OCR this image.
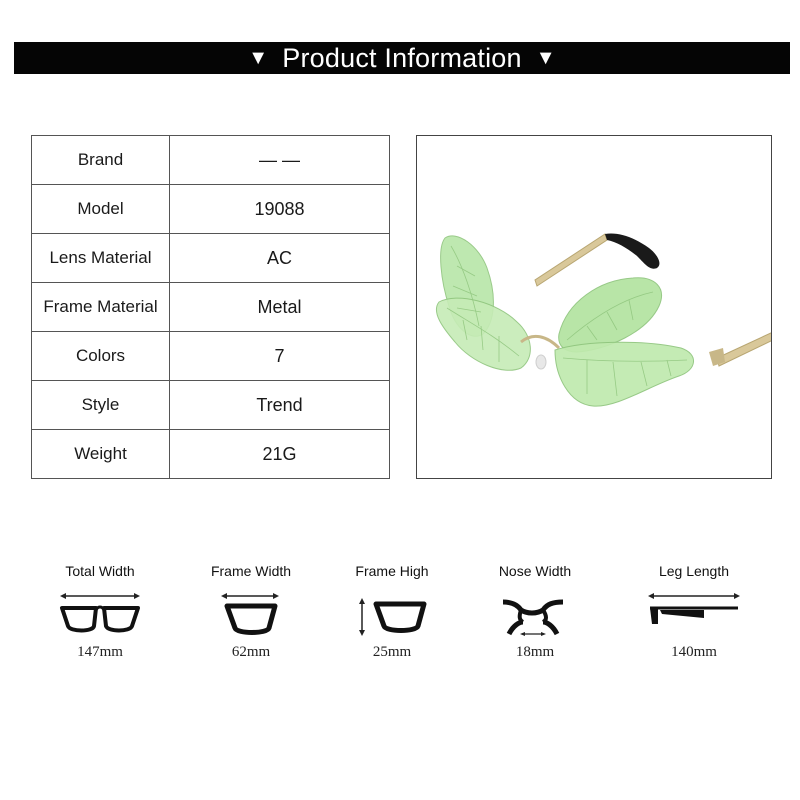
▼ Product Information ▼
Brand	— —
Model	19088
Lens Material	AC
Frame Material	Metal
Colors	7
Style	Trend
Weight	21G
Total Width
147mm
Frame Width
62mm
Frame High
25mm
Nose Width
18mm
Leg Length
140mm
